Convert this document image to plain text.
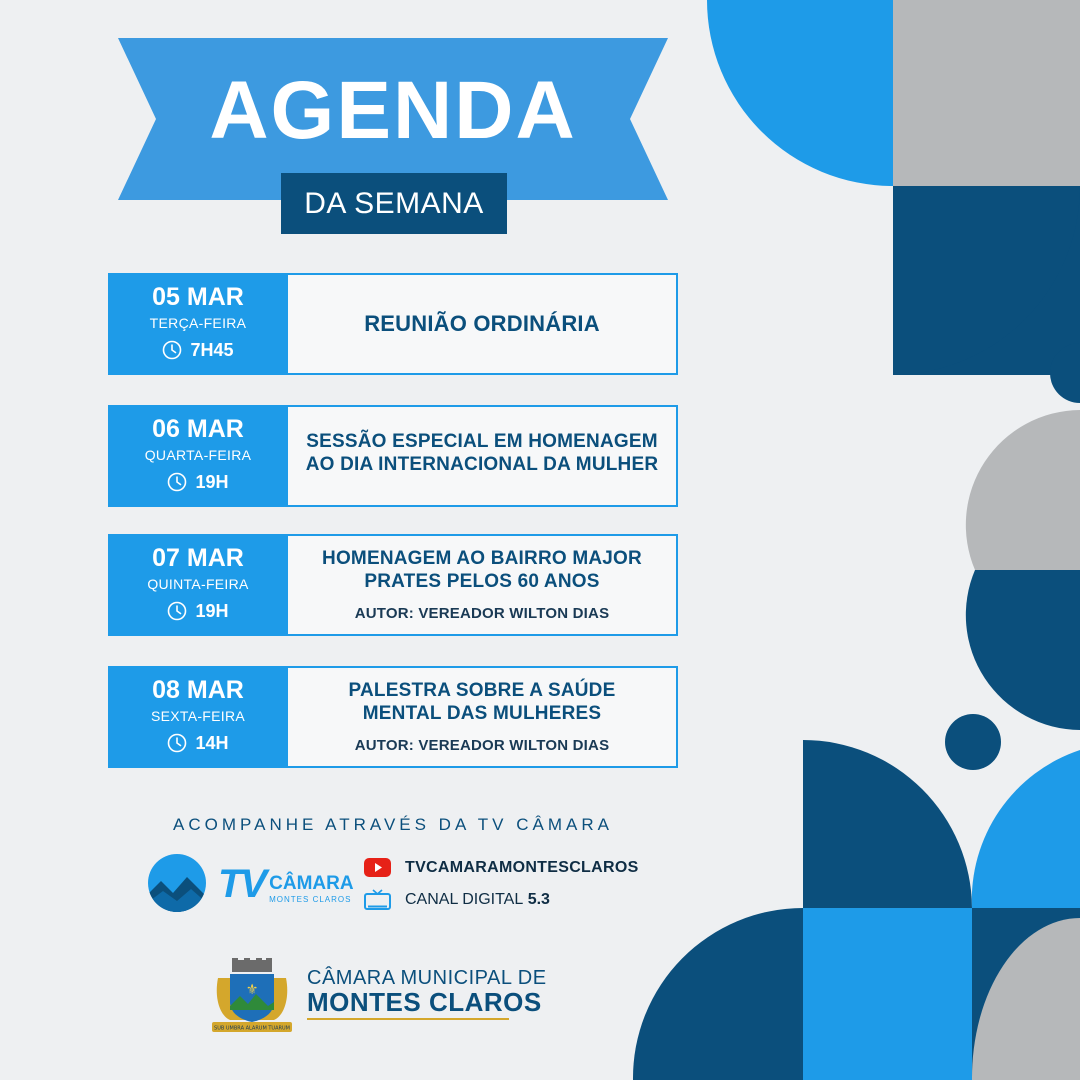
AGENDA
DA SEMANA
05 MAR
TERÇA-FEIRA
7H45
REUNIÃO ORDINÁRIA
06 MAR
QUARTA-FEIRA
19H
SESSÃO ESPECIAL EM HOMENAGEM
AO DIA INTERNACIONAL DA MULHER
07 MAR
QUINTA-FEIRA
19H
HOMENAGEM AO BAIRRO MAJOR
PRATES PELOS 60 ANOS
AUTOR: VEREADOR WILTON DIAS
08 MAR
SEXTA-FEIRA
14H
PALESTRA SOBRE A SAÚDE
MENTAL DAS MULHERES
AUTOR: VEREADOR WILTON DIAS
ACOMPANHE ATRAVÉS DA TV CÂMARA
TV CÂMARA
MONTES CLAROS
TVCAMARAMONTESCLAROS
CANAL DIGITAL 5.3
⚜
SUB UMBRA ALARUM TUARUM
CÂMARA MUNICIPAL DE
MONTES CLAROS
